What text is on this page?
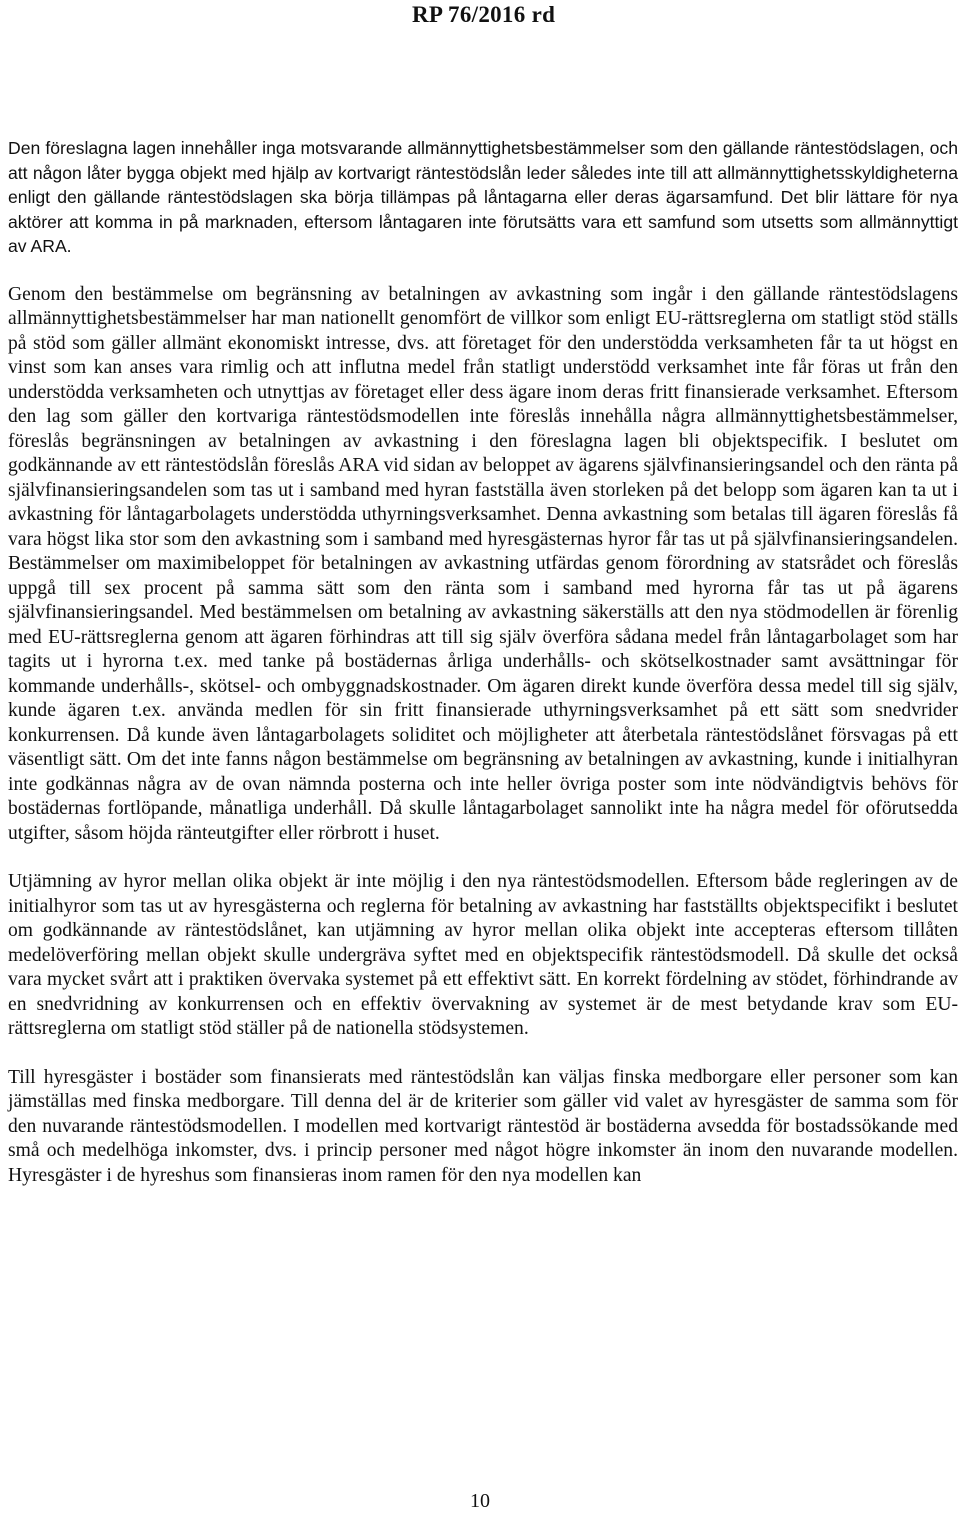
RP 76/2016 rd

Den föreslagna lagen innehåller inga motsvarande allmännyttighetsbestämmelser som den gällande räntestödslagen, och att någon låter bygga objekt med hjälp av kortvarigt räntestödslån leder således inte till att allmännyttighetsskyldigheterna enligt den gällande räntestödslagen ska börja tillämpas på låntagarna eller deras ägarsamfund. Det blir lättare för nya aktörer att komma in på marknaden, eftersom låntagaren inte förutsätts vara ett samfund som utsetts som allmännyttigt av ARA.

Genom den bestämmelse om begränsning av betalningen av avkastning som ingår i den gällande räntestödslagens allmännyttighetsbestämmelser har man nationellt genomfört de villkor som enligt EU-rättsreglerna om statligt stöd ställs på stöd som gäller allmänt ekonomiskt intresse, dvs. att företaget för den understödda verksamheten får ta ut högst en vinst som kan anses vara rimlig och att influtna medel från statligt understödd verksamhet inte får föras ut från den understödda verksamheten och utnyttjas av företaget eller dess ägare inom deras fritt finansierade verksamhet. Eftersom den lag som gäller den kortvariga räntestödsmodellen inte föreslås innehålla några allmännyttighetsbestämmelser, föreslås begränsningen av betalningen av avkastning i den föreslagna lagen bli objektspecifik. I beslutet om godkännande av ett räntestödslån föreslås ARA vid sidan av beloppet av ägarens självfinansieringsandel och den ränta på självfinansieringsandelen som tas ut i samband med hyran fastställa även storleken på det belopp som ägaren kan ta ut i avkastning för låntagarbolagets understödda uthyrningsverksamhet. Denna avkastning som betalas till ägaren föreslås få vara högst lika stor som den avkastning som i samband med hyresgästernas hyror får tas ut på självfinansieringsandelen. Bestämmelser om maximibeloppet för betalningen av avkastning utfärdas genom förordning av statsrådet och föreslås uppgå till sex procent på samma sätt som den ränta som i samband med hyrorna får tas ut på ägarens självfinansieringsandel. Med bestämmelsen om betalning av avkastning säkerställs att den nya stödmodellen är förenlig med EU-rättsreglerna genom att ägaren förhindras att till sig själv överföra sådana medel från låntagarbolaget som har tagits ut i hyrorna t.ex. med tanke på bostädernas årliga underhålls- och skötselkostnader samt avsättningar för kommande underhålls-, skötsel- och ombyggnadskostnader. Om ägaren direkt kunde överföra dessa medel till sig själv, kunde ägaren t.ex. använda medlen för sin fritt finansierade uthyrningsverksamhet på ett sätt som snedvrider konkurrensen. Då kunde även låntagarbolagets soliditet och möjligheter att återbetala räntestödslånet försvagas på ett väsentligt sätt. Om det inte fanns någon bestämmelse om begränsning av betalningen av avkastning, kunde i initialhyran inte godkännas några av de ovan nämnda posterna och inte heller övriga poster som inte nödvändigtvis behövs för bostädernas fortlöpande, månatliga underhåll. Då skulle låntagarbolaget sannolikt inte ha några medel för oförutsedda utgifter, såsom höjda ränteutgifter eller rörbrott i huset.

Utjämning av hyror mellan olika objekt är inte möjlig i den nya räntestödsmodellen. Eftersom både regleringen av de initialhyror som tas ut av hyresgästerna och reglerna för betalning av avkastning har fastställts objektspecifikt i beslutet om godkännande av räntestödslånet, kan utjämning av hyror mellan olika objekt inte accepteras eftersom tillåten medelöverföring mellan objekt skulle undergräva syftet med en objektspecifik räntestödsmodell. Då skulle det också vara mycket svårt att i praktiken övervaka systemet på ett effektivt sätt. En korrekt fördelning av stödet, förhindrande av en snedvridning av konkurrensen och en effektiv övervakning av systemet är de mest betydande krav som EU-rättsreglerna om statligt stöd ställer på de nationella stödsystemen.

Till hyresgäster i bostäder som finansierats med räntestödslån kan väljas finska medborgare eller personer som kan jämställas med finska medborgare. Till denna del är de kriterier som gäller vid valet av hyresgäster de samma som för den nuvarande räntestödsmodellen. I modellen med kortvarigt räntestöd är bostäderna avsedda för bostadssökande med små och medelhöga inkomster, dvs. i princip personer med något högre inkomster än inom den nuvarande modellen. Hyresgäster i de hyreshus som finansieras inom ramen för den nya modellen kan

10
